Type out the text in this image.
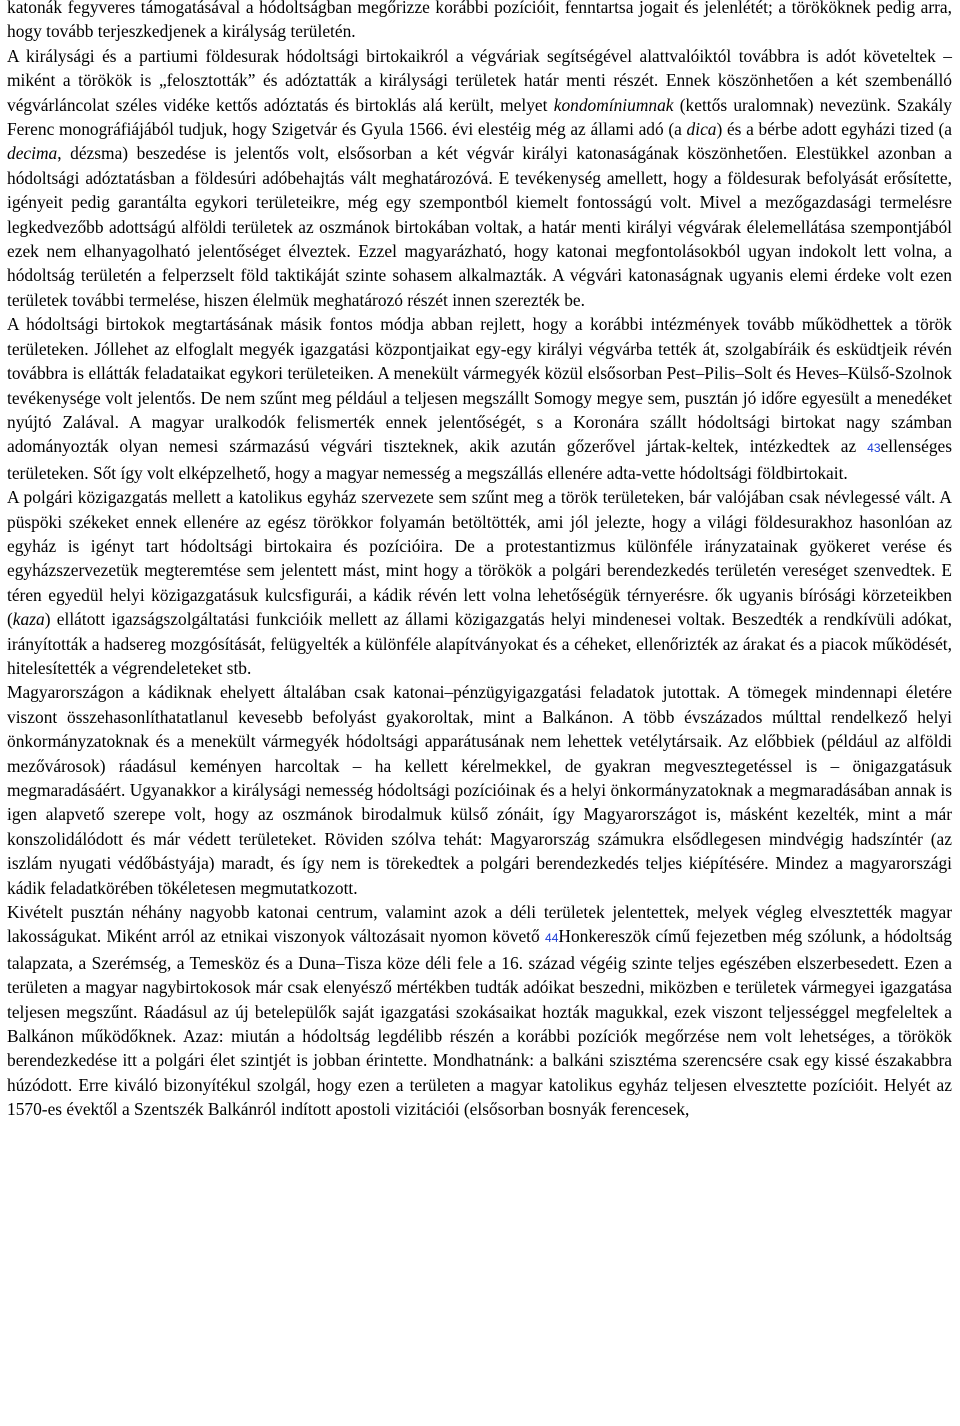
katonák fegyveres támogatásával a hódoltságban megőrizze korábbi pozícióit, fenntartsa jogait és jelenlétét; a törököknek pedig arra, hogy tovább terjeszkedjenek a királyság területén.

A királysági és a partiumi földesurak hódoltsági birtokaikról a végváriak segítségével alattvalóiktól továbbra is adót követeltek – miként a törökök is „felosztották” és adóztatták a királysági területek határ menti részét. Ennek köszönhetően a két szembenálló végvárláncolat széles vidéke kettős adóztatás és birtoklás alá került, melyet kondomíniumnak (kettős uralomnak) nevezünk. Szakály Ferenc monográfiájából tudjuk, hogy Szigetvár és Gyula 1566. évi elestéig még az állami adó (a dica) és a bérbe adott egyházi tized (a decima, dézsma) beszedése is jelentős volt, elsősorban a két végvár királyi katonaságának köszönhetően. Elestükkel azonban a hódoltsági adóztatásban a földesúri adóbehajtás vált meghatározóvá. E tevékenység amellett, hogy a földesurak befolyását erősítette, igényeit pedig garantálta egykori területeikre, még egy szempontból kiemelt fontosságú volt. Mivel a mezőgazdasági termelésre legkedvezőbb adottságú alföldi területek az oszmánok birtokában voltak, a határ menti királyi végvárak élelemellátása szempontjából ezek nem elhanyagolható jelentőséget élveztek. Ezzel magyarázható, hogy katonai megfontolásokból ugyan indokolt lett volna, a hódoltság területén a felperzselt föld taktikáját szinte sohasem alkalmazták. A végvári katonaságnak ugyanis elemi érdeke volt ezen területek további termelése, hiszen élelmük meghatározó részét innen szerezték be.

A hódoltsági birtokok megtartásának másik fontos módja abban rejlett, hogy a korábbi intézmények tovább működhettek a török területeken. Jóllehet az elfoglalt megyék igazgatási központjaikat egy-egy királyi végvárba tették át, szolgabíráik és esküdtjeik révén továbbra is ellátták feladataikat egykori területeiken. A menekült vármegyék közül elsősorban Pest–Pilis–Solt és Heves–Külső-Szolnok tevékenysége volt jelentős. De nem szűnt meg például a teljesen megszállt Somogy megye sem, pusztán jó időre egyesült a menedéket nyújtó Zalával. A magyar uralkodók felismerték ennek jelentőségét, s a Koronára szállt hódoltsági birtokat nagy számban adományozták olyan nemesi származású végvári tiszteknek, akik azután gőzerővel jártak-keltek, intézkedtek az 43ellenséges területeken. Sőt így volt elképzelhető, hogy a magyar nemesség a megszállás ellenére adta-vette hódoltsági földbirtokait.

A polgári közigazgatás mellett a katolikus egyház szervezete sem szűnt meg a török területeken, bár valójában csak névlegessé vált. A püspöki székeket ennek ellenére az egész törökkor folyamán betöltötték, ami jól jelezte, hogy a világi földesurakhoz hasonlóan az egyház is igényt tart hódoltsági birtokaira és pozícióira. De a protestantizmus különféle irányzatainak gyökeret verése és egyházszervezetük megteremtése sem jelentett mást, mint hogy a törökök a polgári berendezkedés területén vereséget szenvedtek. E téren egyedül helyi közigazgatásuk kulcsfigurái, a kádik révén lett volna lehetőségük térnyerésre. ők ugyanis bírósági körzeteikben (kaza) ellátott igazságszolgáltatási funkcióik mellett az állami közigazgatás helyi mindenesei voltak. Beszedték a rendkívüli adókat, irányították a hadsereg mozgósítását, felügyelték a különféle alapítványokat és a céheket, ellenőrizték az árakat és a piacok működését, hitelesítették a végrendeleteket stb.

Magyarországon a kádiknak ehelyett általában csak katonai–pénzügyigazgatási feladatok jutottak. A tömegek mindennapi életére viszont összehasonlíthatatlanul kevesebb befolyást gyakoroltak, mint a Balkánon. A több évszázados múlttal rendelkező helyi önkormányzatoknak és a menekült vármegyék hódoltsági apparátusának nem lehettek vetélytársaik. Az előbbiek (például az alföldi mezővárosok) ráadásul keményen harcoltak – ha kellett kérelmekkel, de gyakran megvesztegetéssel is – önigazgatásuk megmaradásáért. Ugyanakkor a királysági nemesség hódoltsági pozícióinak és a helyi önkormányzatoknak a megmaradásában annak is igen alapvető szerepe volt, hogy az oszmánok birodalmuk külső zónáit, így Magyarországot is, másként kezelték, mint a már konszolidálódott és már védett területeket. Röviden szólva tehát: Magyarország számukra elsődlegesen mindvégig hadszíntér (az iszlám nyugati védőbástyája) maradt, és így nem is törekedtek a polgári berendezkedés teljes kiépítésére. Mindez a magyarországi kádik feladatkörében tökéletesen megmutatkozott.

Kivételt pusztán néhány nagyobb katonai centrum, valamint azok a déli területek jelentettek, melyek végleg elvesztették magyar lakosságukat. Miként arról az etnikai viszonyok változásait nyomon követő 44Honkereszök című fejezetben még szólunk, a hódoltság talapzata, a Szerémség, a Temesköz és a Duna–Tisza köze déli fele a 16. század végéig szinte teljes egészében elszerbesedett. Ezen a területen a magyar nagybirtokosok már csak elenyésző mértékben tudták adóikat beszedni, miközben e területek vármegyei igazgatása teljesen megszűnt. Ráadásul az új betelepülők saját igazgatási szokásaikat hozták magukkal, ezek viszont teljességgel megfeleltek a Balkánon működőknek. Azaz: miután a hódoltság legdélibb részén a korábbi pozíciók megőrzése nem volt lehetséges, a törökök berendezkedése itt a polgári élet szintjét is jobban érintette. Mondhatnánk: a balkáni szisztéma szerencsére csak egy kissé északabbra húzódott. Erre kiváló bizonyítékul szolgál, hogy ezen a területen a magyar katolikus egyház teljesen elvesztette pozícióit. Helyét az 1570-es évektől a Szentszék Balkánról indított apostoli vizitációi (elsősorban bosnyák ferencesek,
